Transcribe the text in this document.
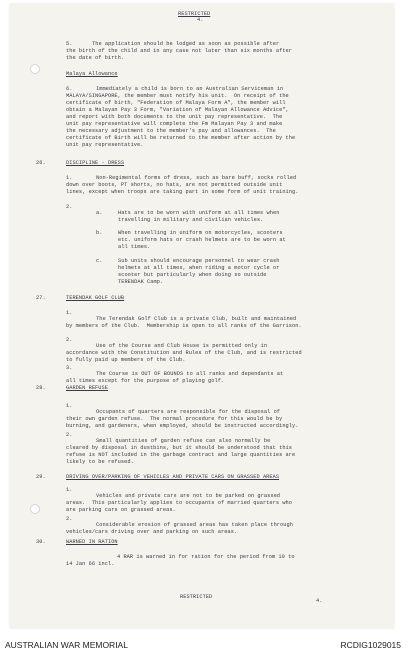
RESTRICTED
4.
5.	The application should be lodged as soon as possible after
the birth of the child and in any case not later than six months after
the date of birth.
Malaya Allowance
6.	Immediately a child is born to an Australian Serviceman in
MALAYA/SINGAPORE, the member must notify his unit.  On receipt of the
certificate of birth, "Federation of Malaya Form A", the member will
obtain a Malayan Pay 3 Form, "Variation of Malayan Allowance Advice",
and report with both documents to the unit pay representative.  The
unit pay representative will complete the Fm Malayan Pay 3 and make
the necessary adjustment to the member's pay and allowances.  The
certificate of Birth will be returned to the member after action by the
unit pay representative.
26.	DISCIPLINE - DRESS
1.	Non-Regimental forms of dress, such as bare buff, socks rolled
down over boots, PT shorts, no hats, are not permitted outside unit
lines, except when troops are taking part in some form of unit training.
2.
a.	Hats are to be worn with uniform at all times when
travelling in military and civilian vehicles.
b.	When travelling in uniform on motorcycles, scooters
etc. uniform hats or crash helmets are to be worn at
all times.
c.	Sub units should encourage personnel to wear crash
helmets at all times, when riding a motor cycle or
scooter but particularly when doing so outside
TERENDAK Camp.
27.	TERENDAK GOLF CLUB
1.
The Terendak Golf Club is a private Club, built and maintained
by members of the Club.  Membership is open to all ranks of the Garrison.
2.
Use of the Course and Club House is permitted only in
accordance with the Constitution and Rules of the Club, and is restricted
to fully paid up members of the Club.
3.
The Course is OUT OF BOUNDS to all ranks and dependants at
all times except for the purpose of playing golf.
28.	GARDEN REFUSE
1.
Occupants of quarters are responsible for the disposal of
their own garden refuse.  The normal procedure for this would be by
burning, and gardeners, when employed, should be instructed accordingly.
2.
Small quantities of garden refuse can also normally be
cleared by disposal in dustbins, but it should be understood that this
refuse is NOT included in the garbage contract and large quantities are
likely to be refused.
29.	DRIVING OVER/PARKING OF VEHICLES AND PRIVATE CARS ON GRASSED AREAS
1.
Vehicles and private cars are not to be parked on grassed
areas.  This particularly applies to occupants of married quarters who
are parking cars on grassed areas.
2.
Considerable erosion of grassed areas has taken place through
vehicles/cars driving over and parking on such areas.
30.	WARNED IN RATION
4 RAR is warned in for ration for the period from 10 to
14 Jan 66 incl.
RESTRICTED
4.
AUSTRALIAN WAR MEMORIAL	RCDIG1029015
